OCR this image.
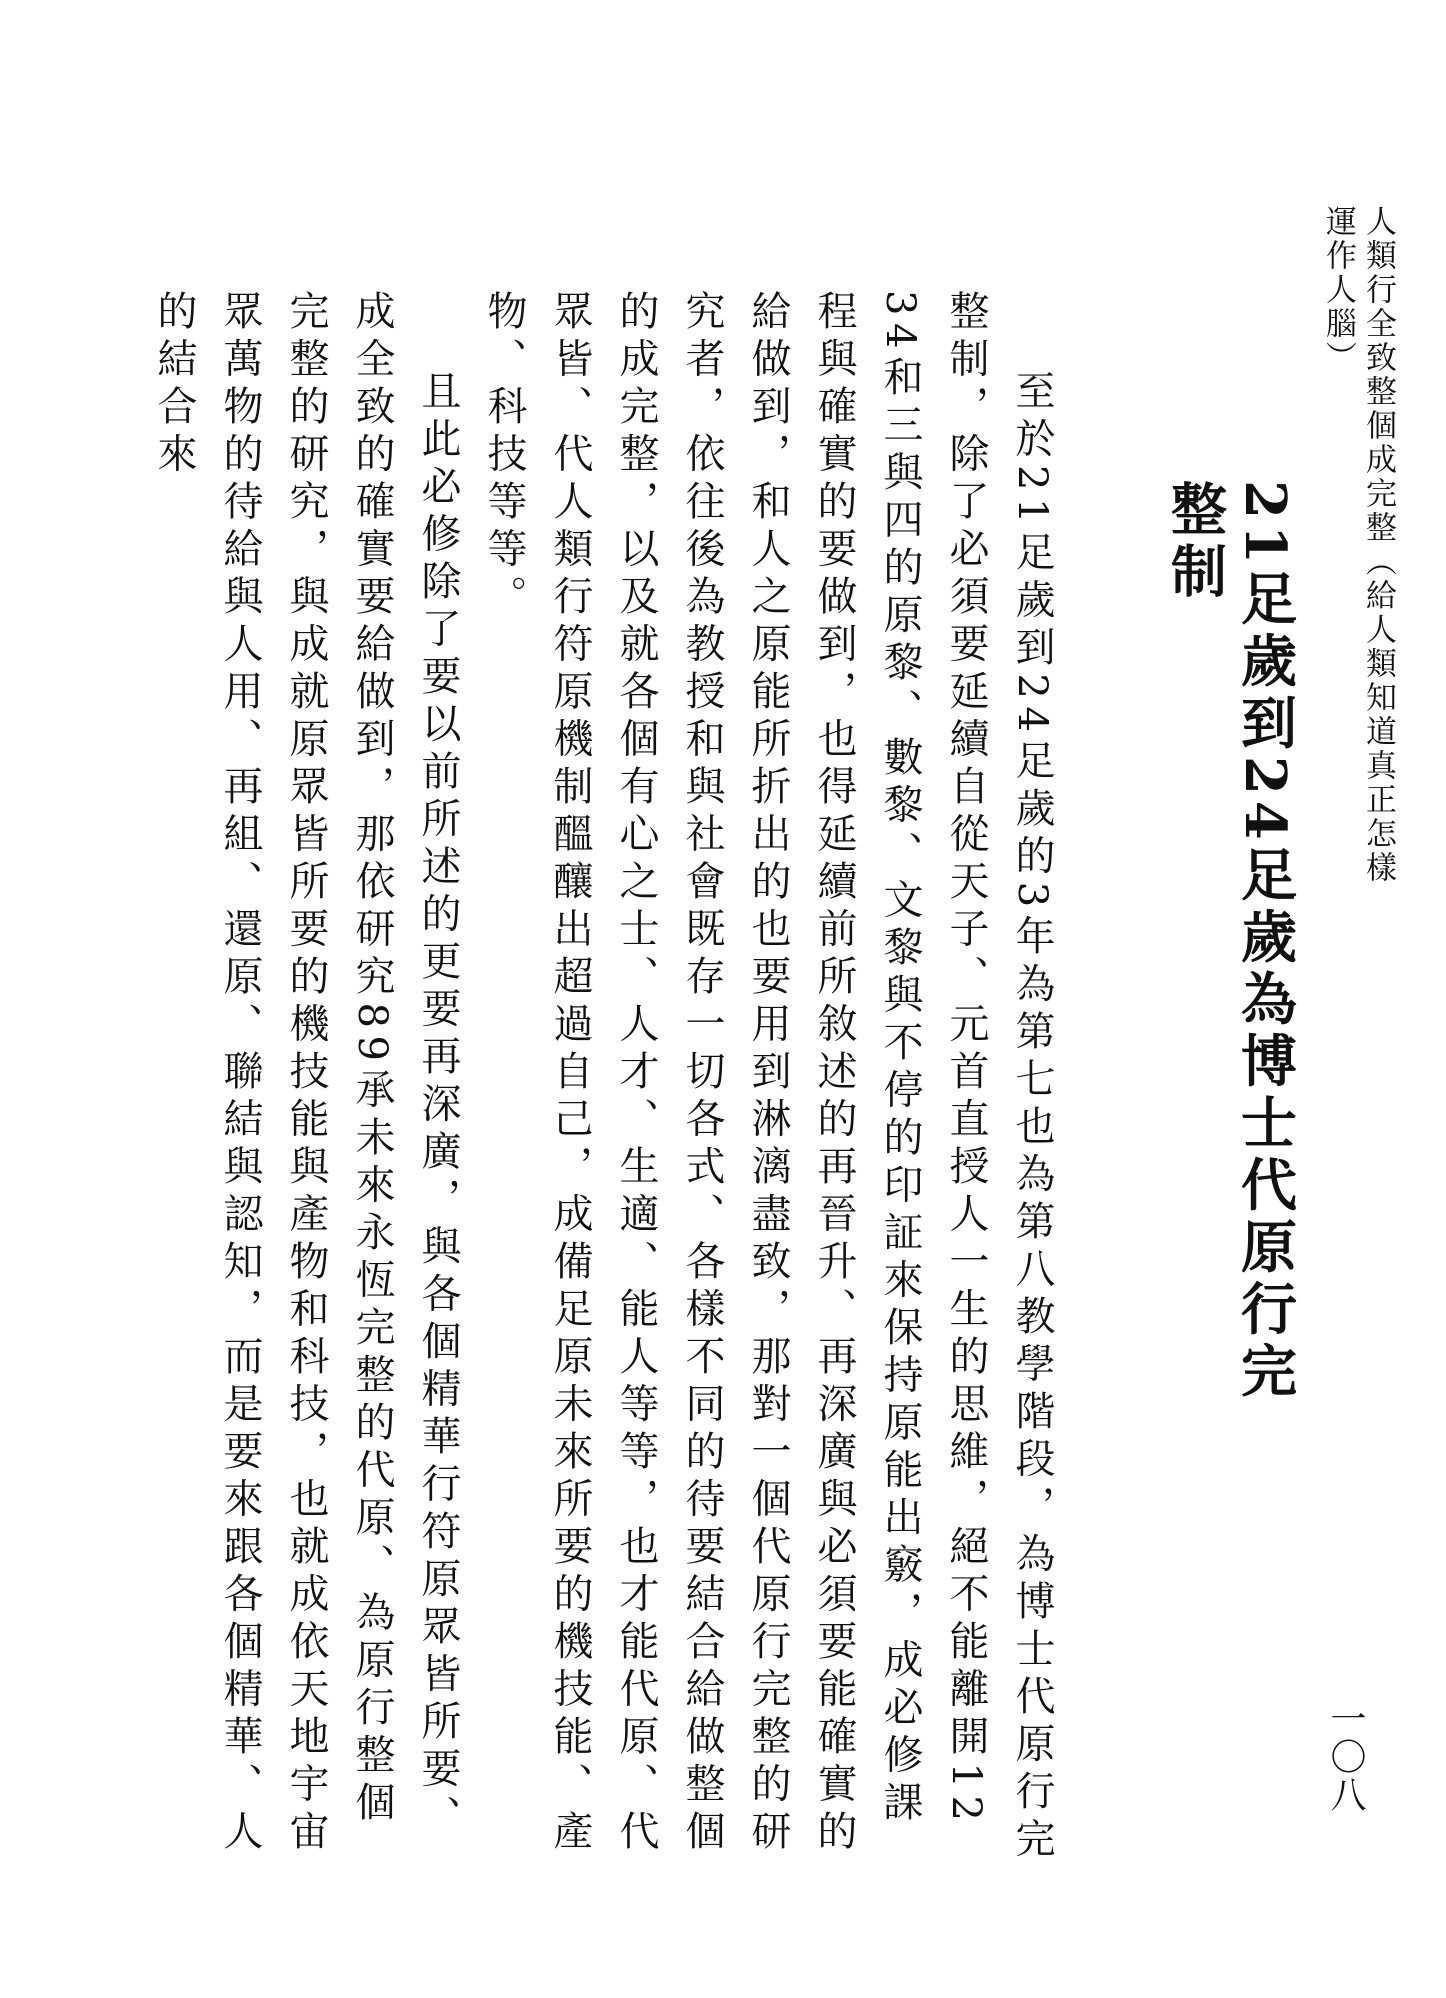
人類行全致整個成完整（給人類知道真正怎樣運作人腦）
21足歲到24足歲為博士代原行完整制

至於21足歲到24足歲的3年為第七也為第八教學階段，為博士代原行完整制，除了必須要延續自從天子、元首直授人一生的思維，絕不能離開12 34和三與四的原黎、數黎、文黎與不停的印証來保持原能出竅，成必修課程與確實的要做到，也得延續前所敘述的再晉升、再深廣與必須要能確實的給做到，和人之原能所折出的也要用到淋漓盡致，那對一個代原行完整的研究者，依往後為教授和與社會既存一切各式、各樣不同的待要結合給做整個的成完整，以及就各個有心之士、人才、生適、能人等等，也才能代原、代眾皆、代人類行符原機制醞釀出超過自己，成備足原未來所要的機技能、產物、科技等等。

且此必修除了要以前所述的更要再深廣，與各個精華行符原眾皆所要、成全致的確實要給做到，那依研究89承未來永恆完整的代原、為原行整個完整的研究，與成就原眾皆所要的機技能與產物和科技，也就成依天地宇宙眾萬物的待給與人用、再組、還原、聯結與認知，而是要來跟各個精華、人的結合來

一〇八
